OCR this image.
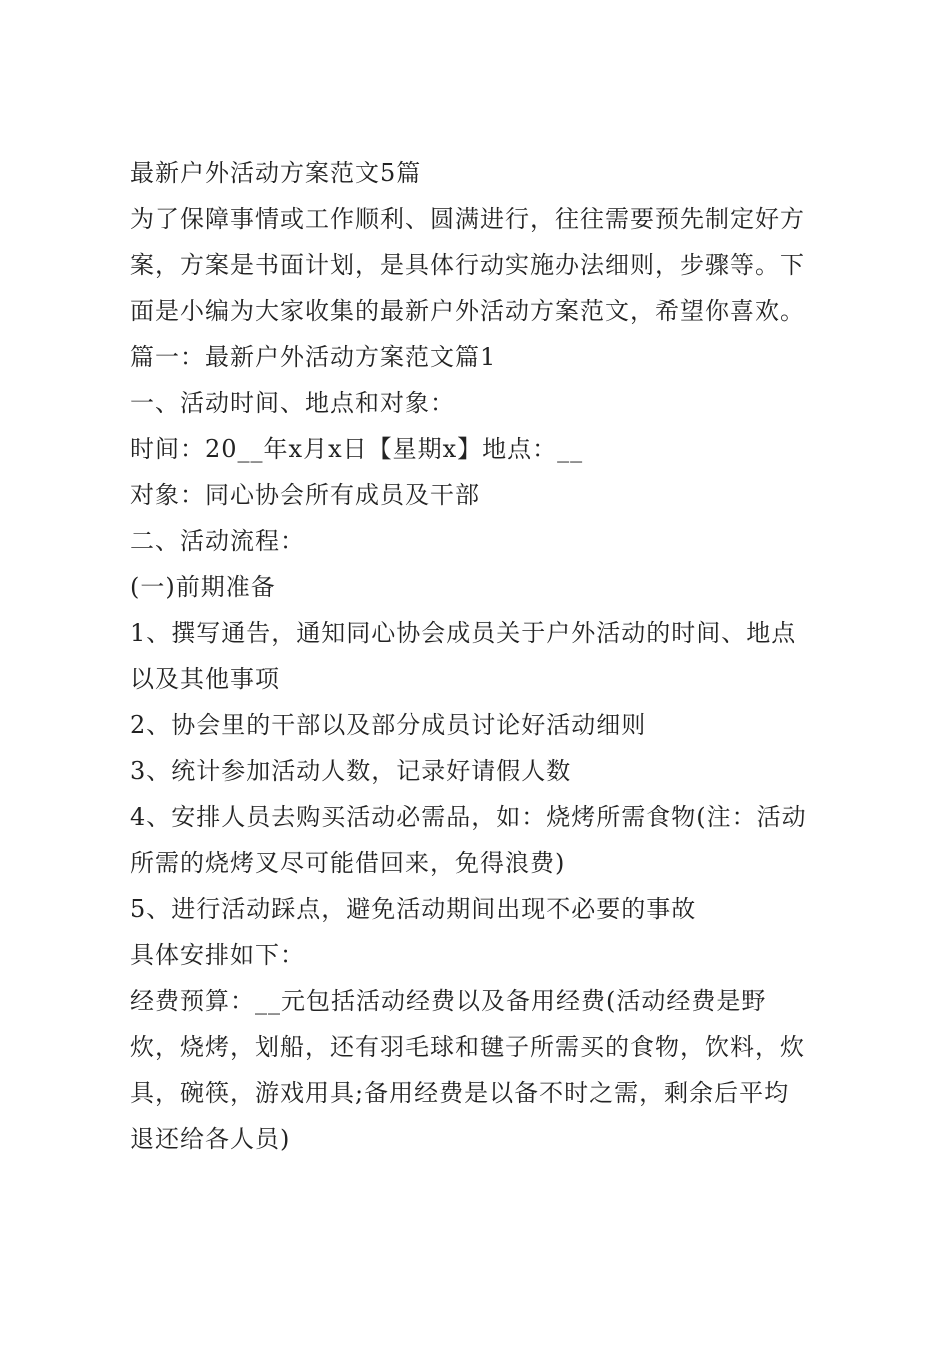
最新户外活动方案范文5篇
为了保障事情或工作顺利、圆满进行，往往需要预先制定好方
案，方案是书面计划，是具体行动实施办法细则，步骤等。下
面是小编为大家收集的最新户外活动方案范文，希望你喜欢。
篇一：最新户外活动方案范文篇1
一、活动时间、地点和对象：
时间：20__年x月x日【星期x】地点：__
对象：同心协会所有成员及干部
二、活动流程：
(一)前期准备
1、撰写通告，通知同心协会成员关于户外活动的时间、地点
以及其他事项
2、协会里的干部以及部分成员讨论好活动细则
3、统计参加活动人数，记录好请假人数
4、安排人员去购买活动必需品，如：烧烤所需食物(注：活动
所需的烧烤叉尽可能借回来，免得浪费)
5、进行活动踩点，避免活动期间出现不必要的事故
具体安排如下：
经费预算：__元包括活动经费以及备用经费(活动经费是野
炊，烧烤，划船，还有羽毛球和毽子所需买的食物，饮料，炊
具，碗筷，游戏用具;备用经费是以备不时之需，剩余后平均
退还给各人员)
